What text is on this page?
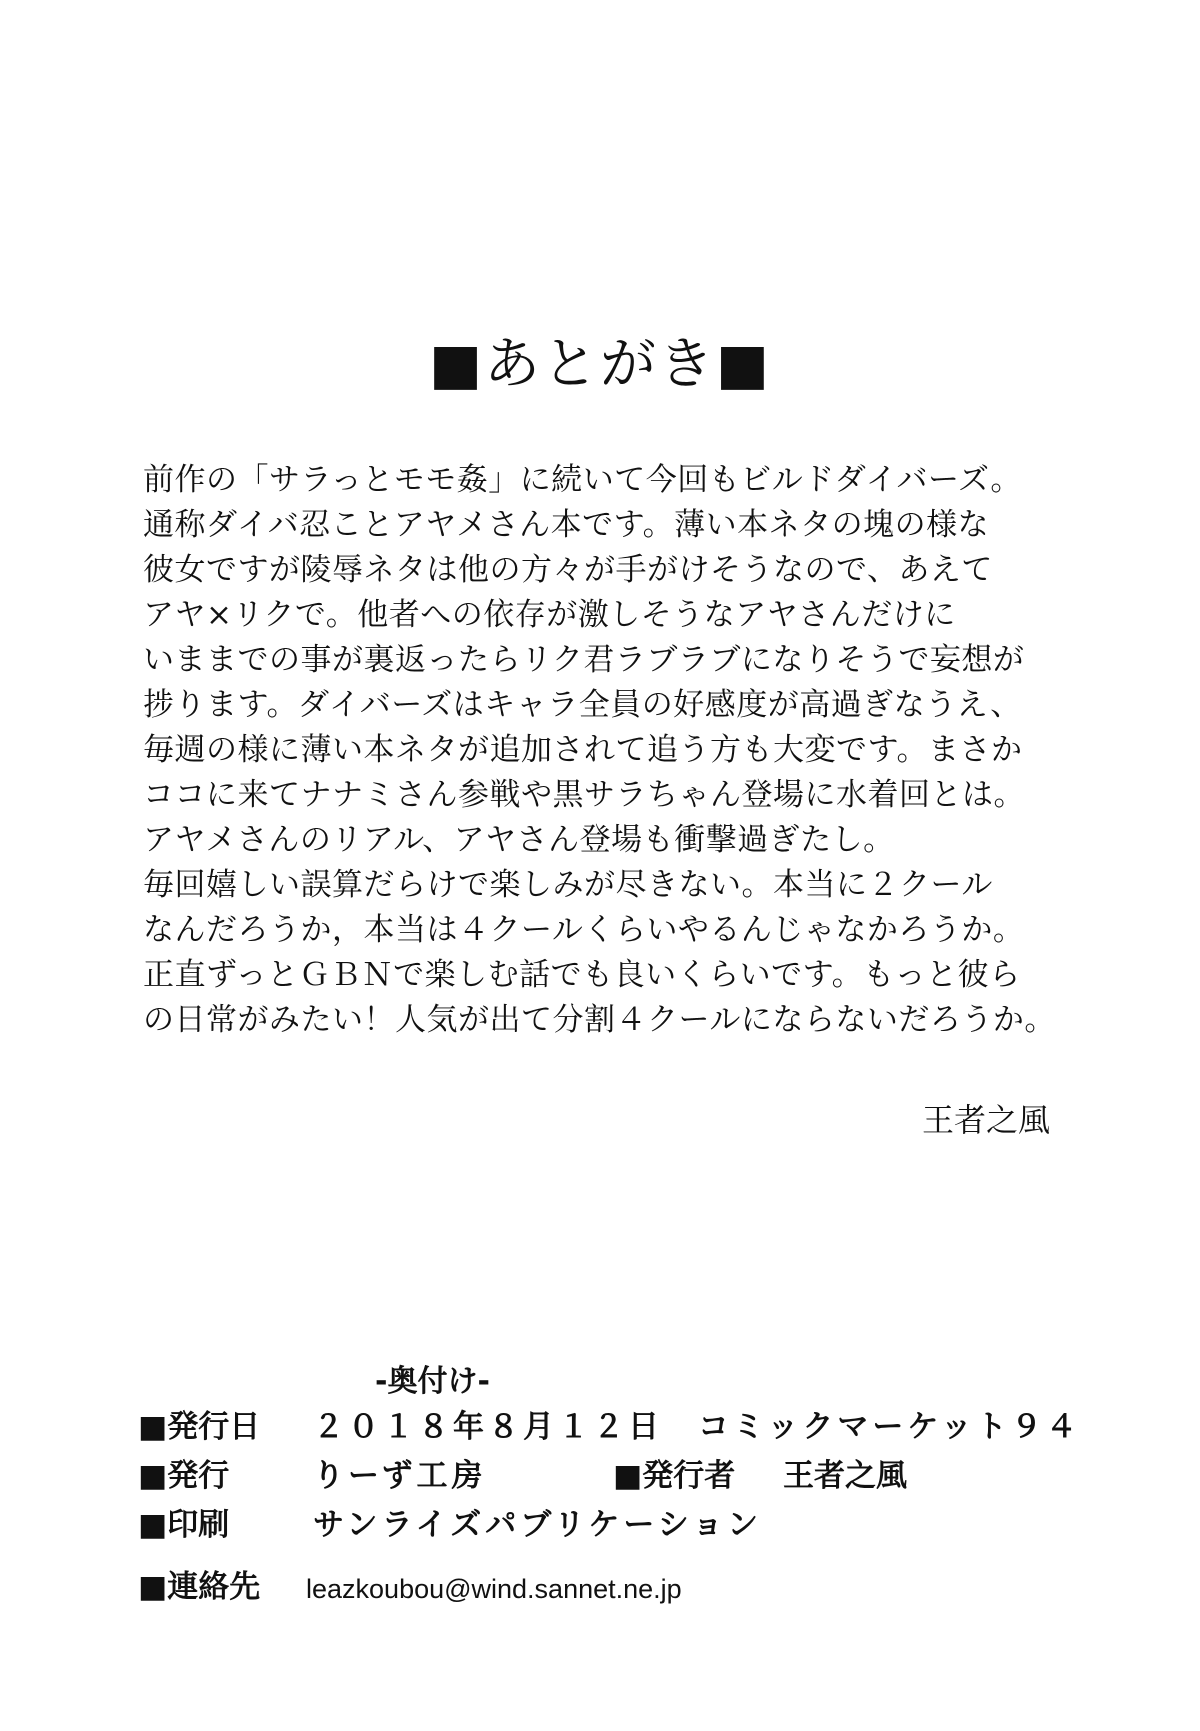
■あとがき■
前作の「サラっとモモ姦」に続いて今回もビルドダイバーズ。
通称ダイバ忍ことアヤメさん本です。薄い本ネタの塊の様な
彼女ですが陵辱ネタは他の方々が手がけそうなので、あえて
アヤ×リクで。他者への依存が激しそうなアヤさんだけに
いままでの事が裏返ったらリク君ラブラブになりそうで妄想が
捗ります。ダイバーズはキャラ全員の好感度が高過ぎなうえ、
毎週の様に薄い本ネタが追加されて追う方も大変です。まさか
ココに来てナナミさん参戦や黒サラちゃん登場に水着回とは。
アヤメさんのリアル、アヤさん登場も衝撃過ぎたし。
毎回嬉しい誤算だらけで楽しみが尽きない。本当に２クール
なんだろうか，本当は４クールくらいやるんじゃなかろうか。
正直ずっとＧＢＮで楽しむ話でも良いくらいです。もっと彼ら
の日常がみたい！人気が出て分割４クールにならないだろうか。
王者之風
-奥付け-
■発行日 ２０１８年８月１２日　コミックマーケット９４
■発行	りーず工房	■発行者 王者之風
■印刷	サンライズパブリケーション
■連絡先 leazkoubou@wind.sannet.ne.jp
